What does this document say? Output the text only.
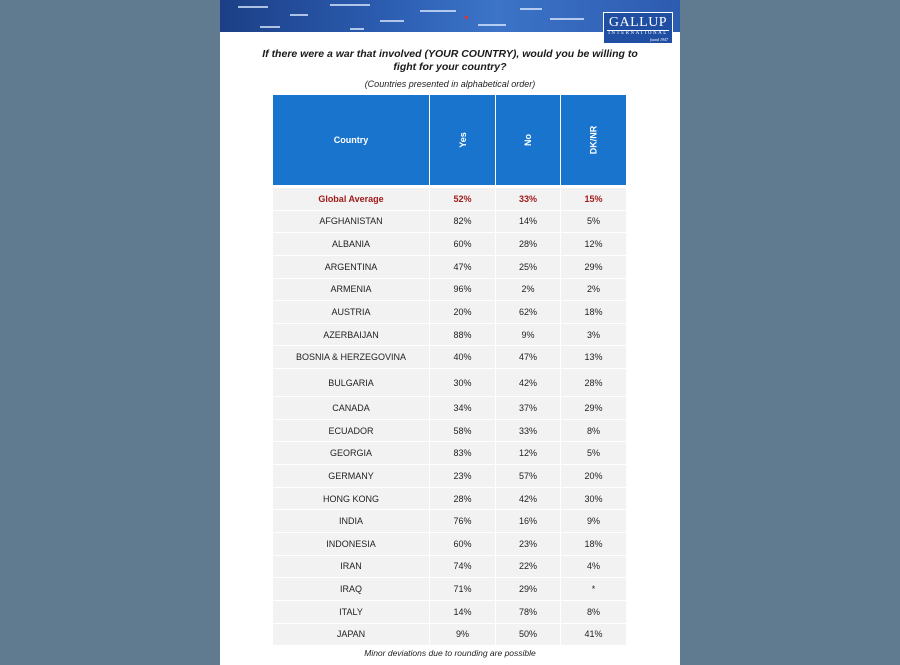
GALLUP
INTERNATIONAL
found 1947
If there were a war that involved (YOUR COUNTRY), would you be willing to fight for your country?
(Countries presented in alphabetical order)
Country	Yes	No	DK/NR
Global Average	52%	33%	15%
AFGHANISTAN	82%	14%	5%
ALBANIA	60%	28%	12%
ARGENTINA	47%	25%	29%
ARMENIA	96%	2%	2%
AUSTRIA	20%	62%	18%
AZERBAIJAN	88%	9%	3%
BOSNIA & HERZEGOVINA	40%	47%	13%
BULGARIA	30%	42%	28%
CANADA	34%	37%	29%
ECUADOR	58%	33%	8%
GEORGIA	83%	12%	5%
GERMANY	23%	57%	20%
HONG KONG	28%	42%	30%
INDIA	76%	16%	9%
INDONESIA	60%	23%	18%
IRAN	74%	22%	4%
IRAQ	71%	29%	*
ITALY	14%	78%	8%
JAPAN	9%	50%	41%
Minor deviations due to rounding are possible
